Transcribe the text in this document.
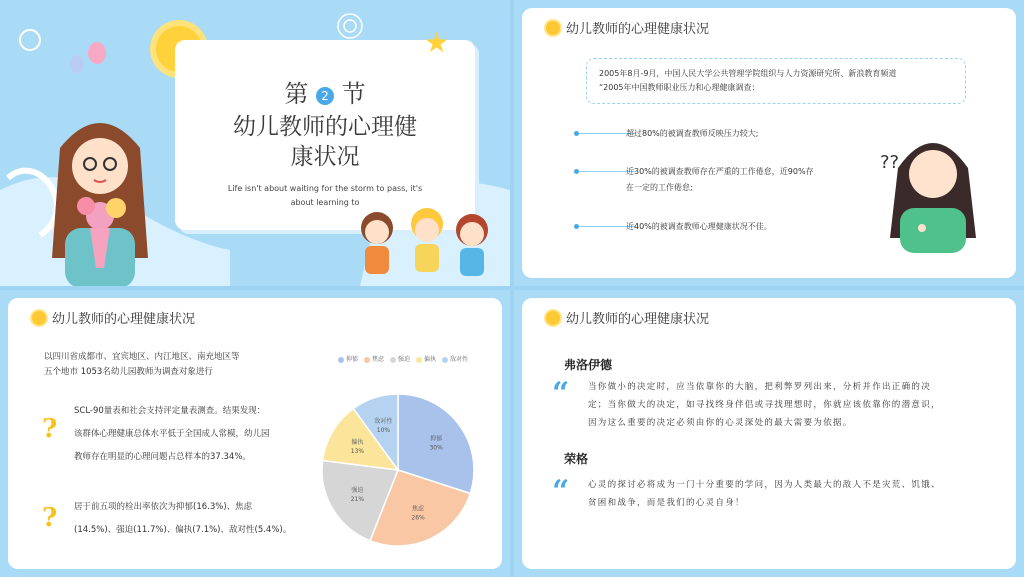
★
第 2 节
幼儿教师的心理健
康状况
Life isn't about waiting for the storm to pass, it's
about learning to
幼儿教师的心理健康状况
2005年8月-9月，中国人民大学公共管理学院组织与人力资源研究所、新浪教育频道
“2005年中国教师职业压力和心理健康调查：
超过80%的被调查教师反映压力较大;
近30%的被调查教师存在严重的工作倦怠，近90%存
在一定的工作倦怠;
近40%的被调查教师心理健康状况不佳。
??
幼儿教师的心理健康状况
以四川省成都市、宜宾地区、内江地区、南充地区等
五个地市 1053名幼儿园教师为调查对象进行
?
SCL-90量表和社会支持评定量表测查。结果发现：
该群体心理健康总体水平低于全国成人常模，幼儿园
教师存在明显的心理问题占总样本的37.34%。
? 居于前五项的检出率依次为抑郁(16.3%)、焦虑
(14.5%)、强迫(11.7%)、偏执(7.1%)、敌对性(5.4%)。
抑郁	焦虑	强迫	偏执	敌对性
抑郁
30%
焦虑
26%
强迫
21%
偏执
13%
敌对性
10%
幼儿教师的心理健康状况
弗洛伊德
“ 当你做小的决定时，应当依靠你的大脑，把利弊罗列出来，分析并作出正确的决
定；当你做大的决定，如寻找终身伴侣或寻找理想时，你就应该依靠你的潜意识，
因为这么重要的决定必须由你的心灵深处的最大需要为依据。
荣格
“ 心灵的探讨必将成为一门十分重要的学问，因为人类最大的敌人不是灾荒、饥饿、
贫困和战争，而是我们的心灵自身！
